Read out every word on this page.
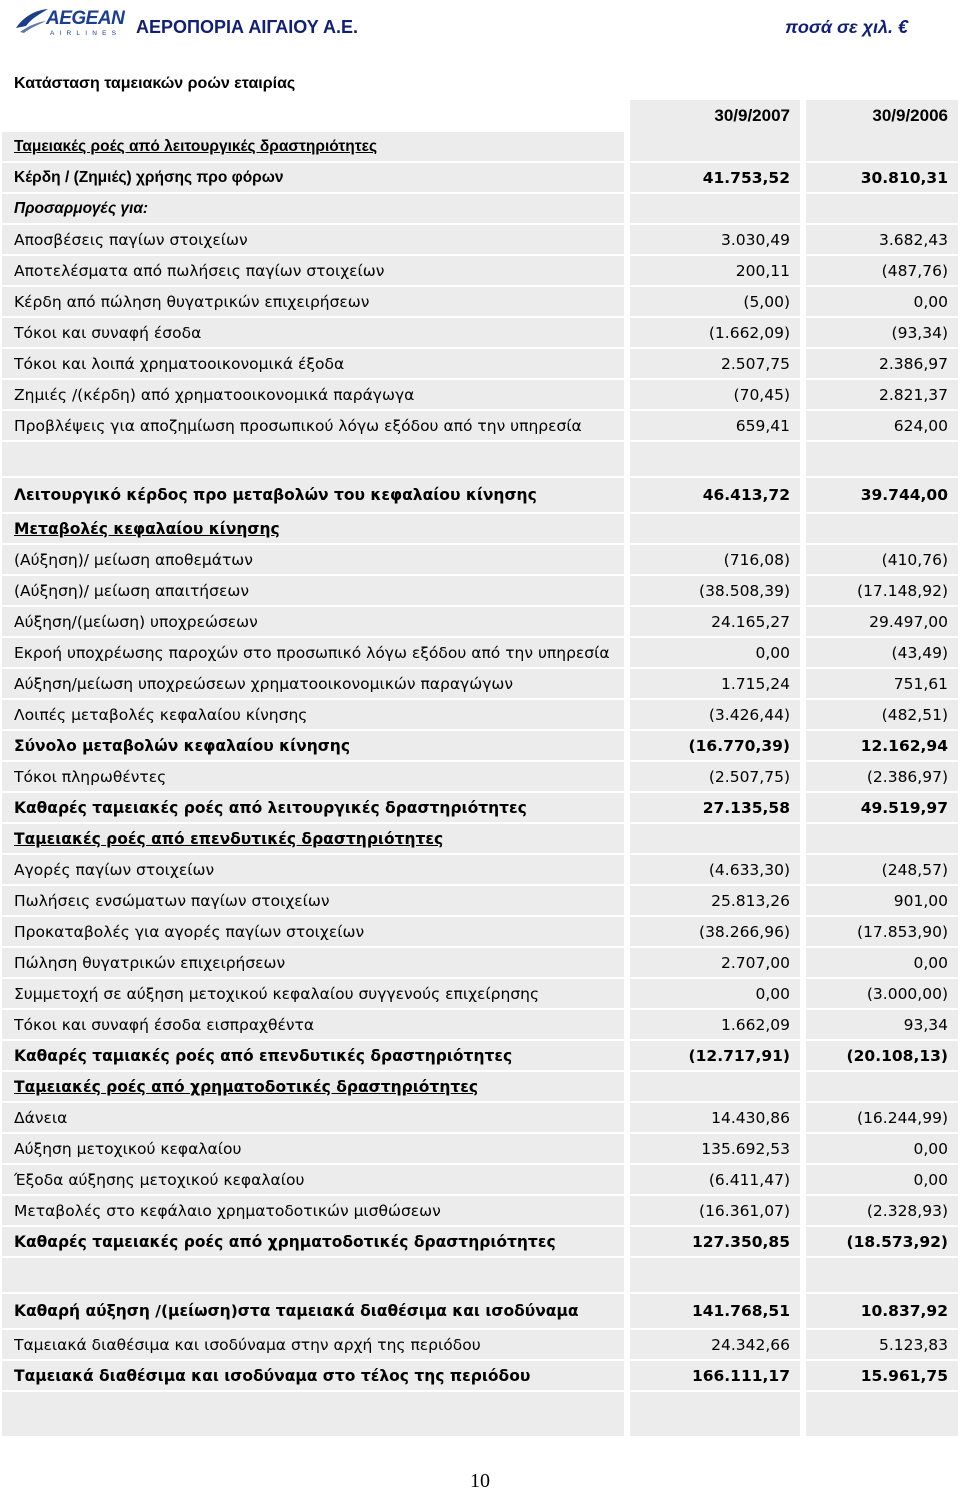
AEGEAN
AIRLINES ΑΕΡΟΠΟΡΙΑ ΑΙΓΑΙΟΥ Α.Ε.	ποσά σε χιλ. €
Κατάσταση ταμειακών ροών εταιρίας
		30/9/2007		30/9/2006
Ταμειακές ροές από λειτουργικές δραστηριότητες				
Κέρδη / (Ζημιές) χρήσης προ φόρων		41.753,52		30.810,31
Προσαρμογές για:				
Αποσβέσεις παγίων στοιχείων		3.030,49		3.682,43
Αποτελέσματα από πωλήσεις παγίων στοιχείων		200,11		(487,76)
Κέρδη από πώληση θυγατρικών επιχειρήσεων		(5,00)		0,00
Τόκοι και συναφή έσοδα		(1.662,09)		(93,34)
Τόκοι και λοιπά χρηματοοικονομικά έξοδα		2.507,75		2.386,97
Ζημιές /(κέρδη) από χρηματοοικονομικά παράγωγα		(70,45)		2.821,37
Προβλέψεις για αποζημίωση προσωπικού λόγω εξόδου από την υπηρεσία		659,41		624,00

Λειτουργικό κέρδος προ μεταβολών του κεφαλαίου κίνησης		46.413,72		39.744,00
Μεταβολές κεφαλαίου κίνησης				
(Αύξηση)/ μείωση αποθεμάτων		(716,08)		(410,76)
(Αύξηση)/ μείωση απαιτήσεων		(38.508,39)		(17.148,92)
Αύξηση/(μείωση) υποχρεώσεων		24.165,27		29.497,00
Εκροή υποχρέωσης παροχών στο προσωπικό λόγω εξόδου από την υπηρεσία		0,00		(43,49)
Αύξηση/μείωση υποχρεώσεων χρηματοοικονομικών παραγώγων		1.715,24		751,61
Λοιπές μεταβολές κεφαλαίου κίνησης		(3.426,44)		(482,51)
Σύνολο μεταβολών κεφαλαίου κίνησης		(16.770,39)		12.162,94
Τόκοι πληρωθέντες		(2.507,75)		(2.386,97)
Καθαρές ταμειακές ροές από λειτουργικές δραστηριότητες		27.135,58		49.519,97
Ταμειακές ροές από επενδυτικές δραστηριότητες				
Αγορές παγίων στοιχείων		(4.633,30)		(248,57)
Πωλήσεις ενσώματων παγίων στοιχείων		25.813,26		901,00
Προκαταβολές για αγορές παγίων στοιχείων		(38.266,96)		(17.853,90)
Πώληση θυγατρικών επιχειρήσεων		2.707,00		0,00
Συμμετοχή σε αύξηση μετοχικού κεφαλαίου συγγενούς επιχείρησης		0,00		(3.000,00)
Τόκοι και συναφή έσοδα εισπραχθέντα		1.662,09		93,34
Καθαρές ταμιακές ροές από επενδυτικές δραστηριότητες		(12.717,91)		(20.108,13)
Ταμειακές ροές από χρηματοδοτικές δραστηριότητες				
Δάνεια		14.430,86		(16.244,99)
Αύξηση μετοχικού κεφαλαίου		135.692,53		0,00
Έξοδα αύξησης μετοχικού κεφαλαίου		(6.411,47)		0,00
Μεταβολές στο κεφάλαιο χρηματοδοτικών μισθώσεων		(16.361,07)		(2.328,93)
Καθαρές ταμειακές ροές από χρηματοδοτικές δραστηριότητες		127.350,85		(18.573,92)

Καθαρή αύξηση /(μείωση)στα ταμειακά διαθέσιμα και ισοδύναμα		141.768,51		10.837,92
Ταμειακά διαθέσιμα και ισοδύναμα στην αρχή της περιόδου		24.342,66		5.123,83
Ταμειακά διαθέσιμα και ισοδύναμα στο τέλος της περιόδου		166.111,17		15.961,75

10
